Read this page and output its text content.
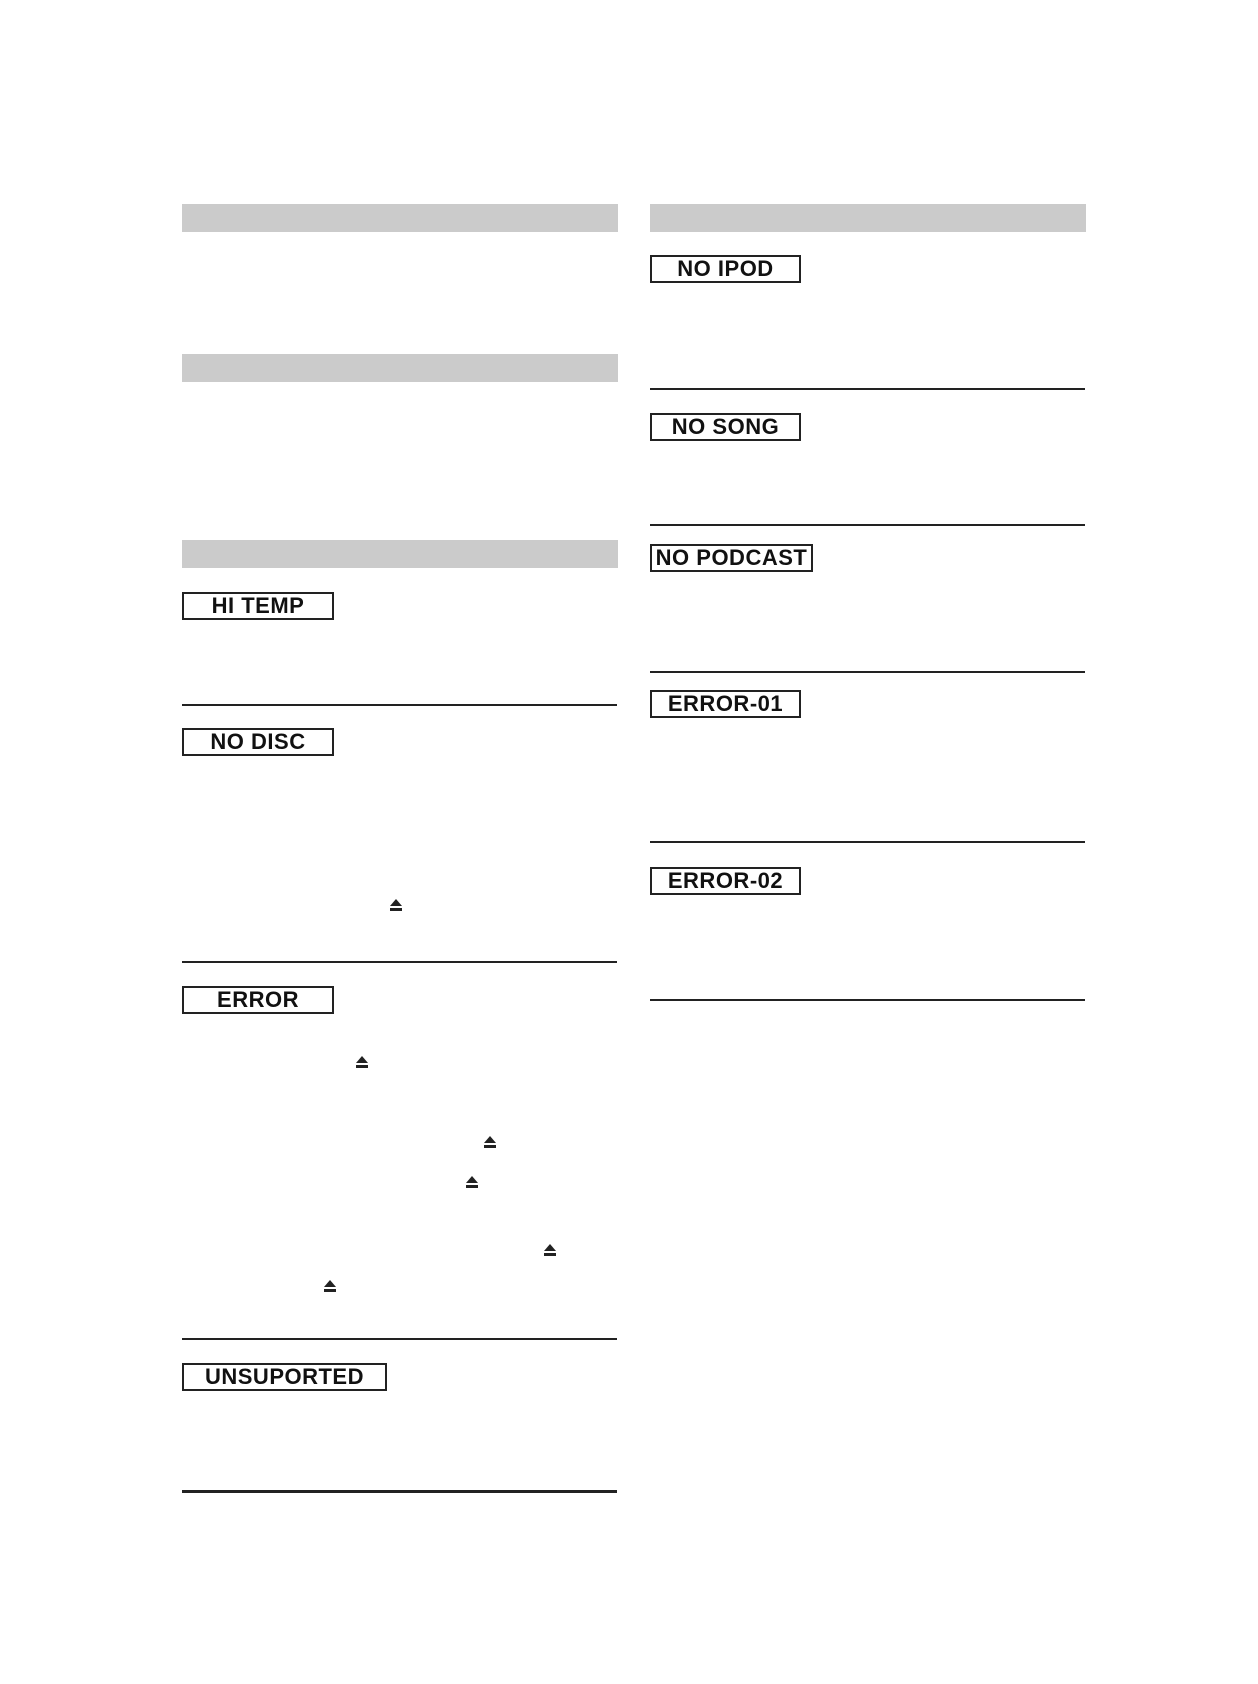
HI TEMP
NO DISC
ERROR
UNSUPORTED
NO IPOD
NO SONG
NO PODCAST
ERROR-01
ERROR-02
